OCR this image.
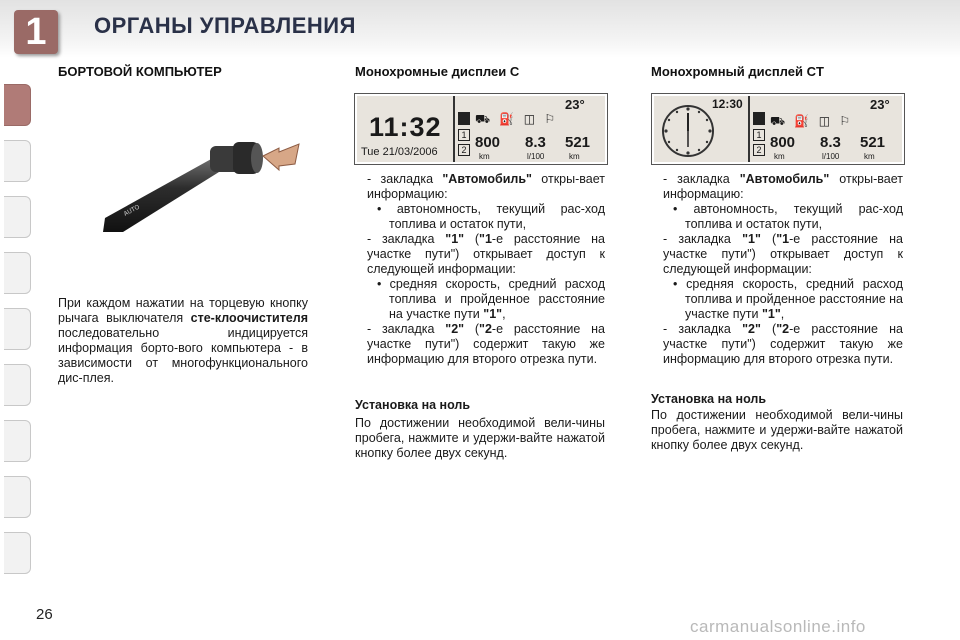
1	ОРГАНЫ УПРАВЛЕНИЯ
БОРТОВОЙ КОМПЬЮТЕР
AUTO
При каждом нажатии на торцевую кнопку рычага выключателя сте-клоочистителя последовательно индицируется информация борто-вого компьютера - в зависимости от многофункционального дис-плея.
Монохромные дисплеи C
23°
11:32
Tue 21/03/2006
1
2
⛟ ⛽ ◫ ⚐
800 8.3 521
km	l/100	km

- закладка "Автомобиль" откры-вает информацию:

• автономность, текущий рас-ход топлива и остаток пути,

- закладка "1" ("1-е расстояние на участке пути") открывает доступ к следующей информации:

• средняя скорость, средний расход топлива и пройденное расстояние на участке пути "1",

- закладка "2" ("2-е расстояние на участке пути") содержит такую же информацию для второго отрезка пути.

Установка на ноль
По достижении необходимой вели-чины пробега, нажмите и удержи-вайте нажатой кнопку более двух секунд.
Монохромный дисплей CT
12:30	23°
1
2
⛟ ⛽ ◫ ⚐
800 8.3 521
km	l/100	km

- закладка "Автомобиль" откры-вает информацию:

• автономность, текущий рас-ход топлива и остаток пути,

- закладка "1" ("1-е расстояние на участке пути") открывает доступ к следующей информации:

• средняя скорость, средний расход топлива и пройденное расстояние на участке пути "1",

- закладка "2" ("2-е расстояние на участке пути") содержит такую же информацию для второго отрезка пути.

Установка на ноль
По достижении необходимой вели-чины пробега, нажмите и удержи-вайте нажатой кнопку более двух секунд.
26
carmanualsonline.info
